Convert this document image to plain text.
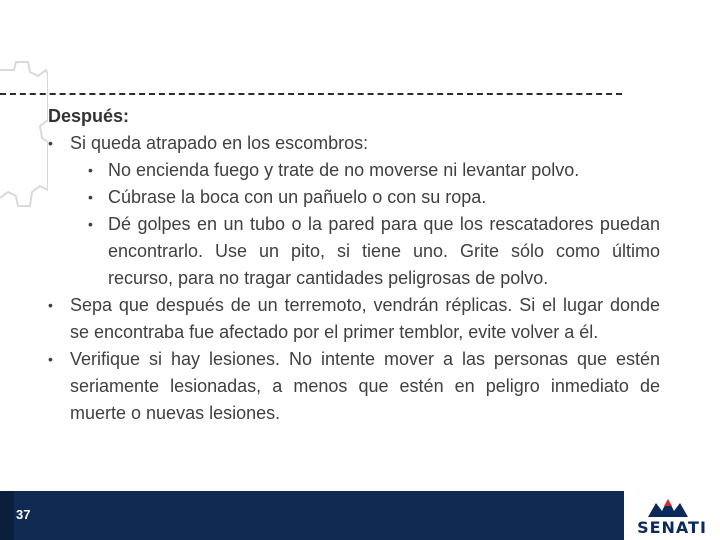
Después:
• Si queda atrapado en los escombros:
• No encienda fuego y trate de no moverse ni levantar polvo.
• Cúbrase la boca con un pañuelo o con su ropa.
• Dé golpes en un tubo o la pared para que los rescatadores puedan encontrarlo. Use un pito, si tiene uno. Grite sólo como último recurso, para no tragar cantidades peligrosas de polvo.
• Sepa que después de un terremoto, vendrán réplicas. Si el lugar donde se encontraba fue afectado por el primer temblor, evite volver a él.
• Verifique si hay lesiones. No intente mover a las personas que estén seriamente lesionadas, a menos que estén en peligro inmediato de muerte o nuevas lesiones.
37
SENATI
